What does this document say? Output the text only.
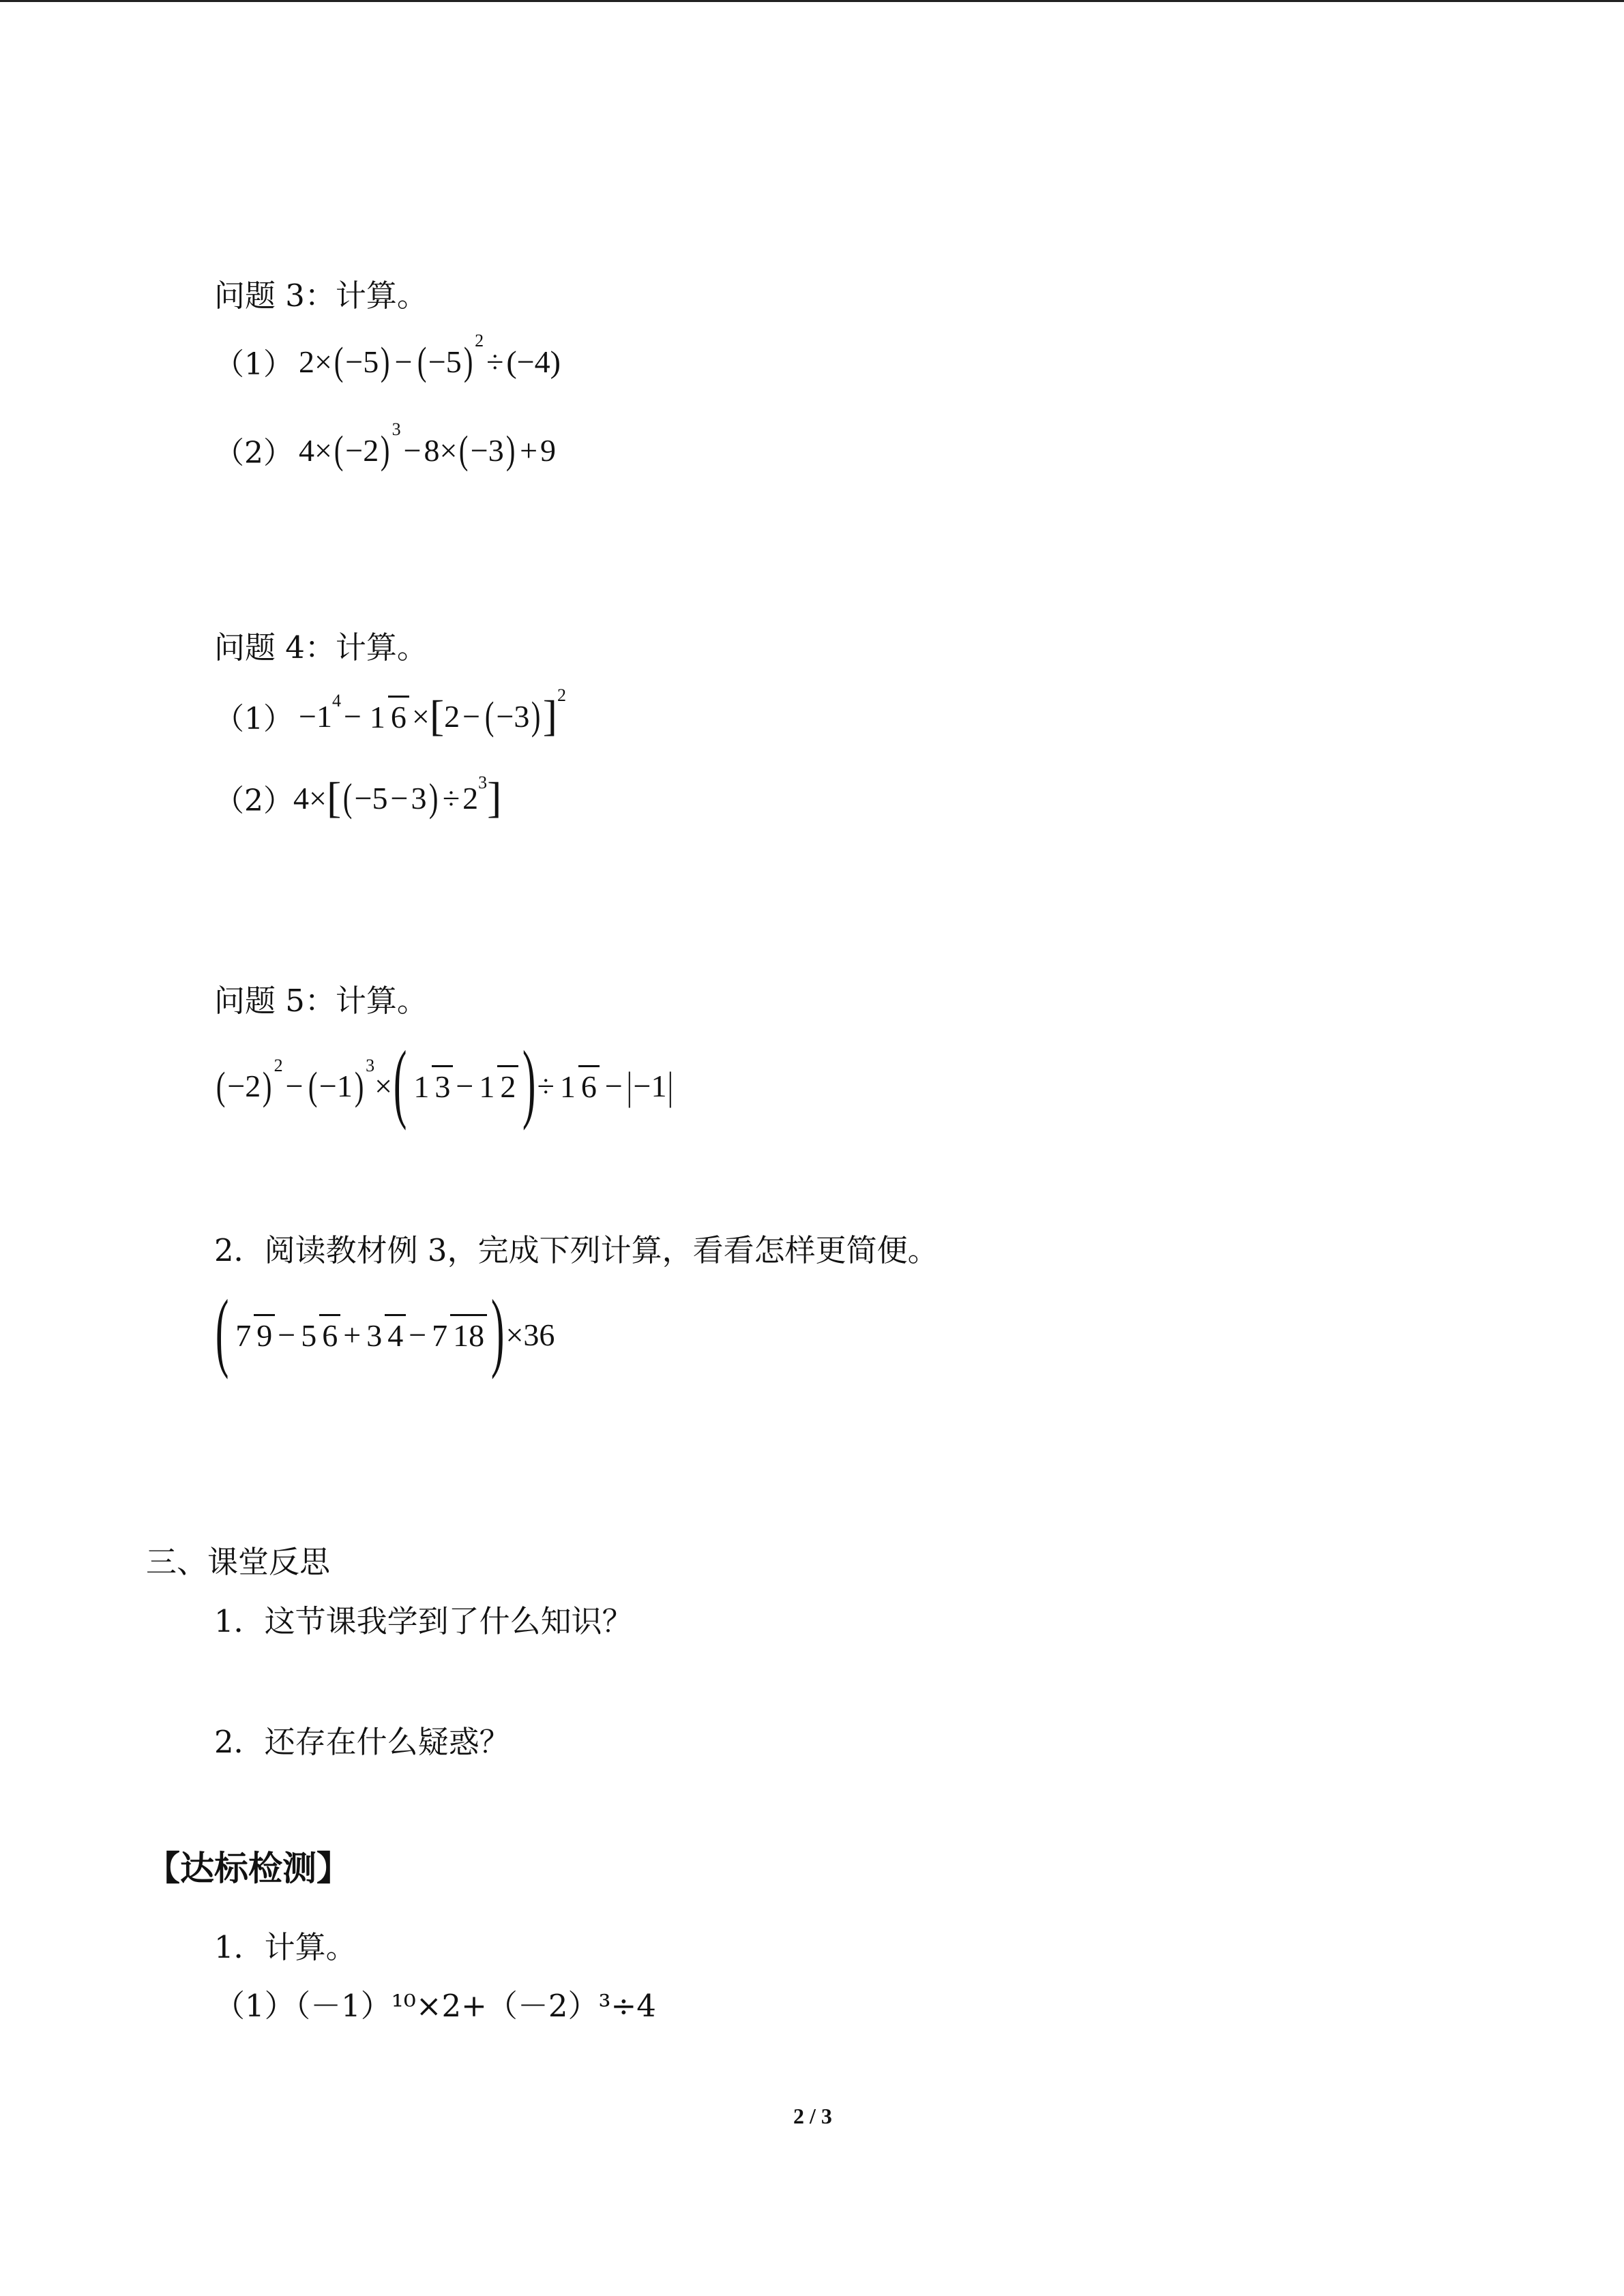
问题 3：计算。
（1） 2× ( −5 ) − ( −5 ) 2
÷ (−4)
（2） 4× ( −2 ) 3
− 8× ( −3 ) + 9
问题 4：计算。
（1） −1 4 − 1 6 × [ 2 − ( −3 ) ] 2
（2） 4× [ ( −5 − 3 ) ÷ 2 3 ]
问题 5：计算。
( −2 ) 2
− ( −1 ) 3
× ( 1 3 − 1 2 ) ÷ 1 6 − | −1 |
2．阅读教材例 3，完成下列计算，看看怎样更简便。
( 7 9 − 5 6 + 3 4 − 7 18 ) ×36
三、课堂反思
1．这节课我学到了什么知识？
2．还存在什么疑惑？
【达标检测】
1．计算。
（1）（－1）¹⁰×2+（－2）³÷4
2 / 3
